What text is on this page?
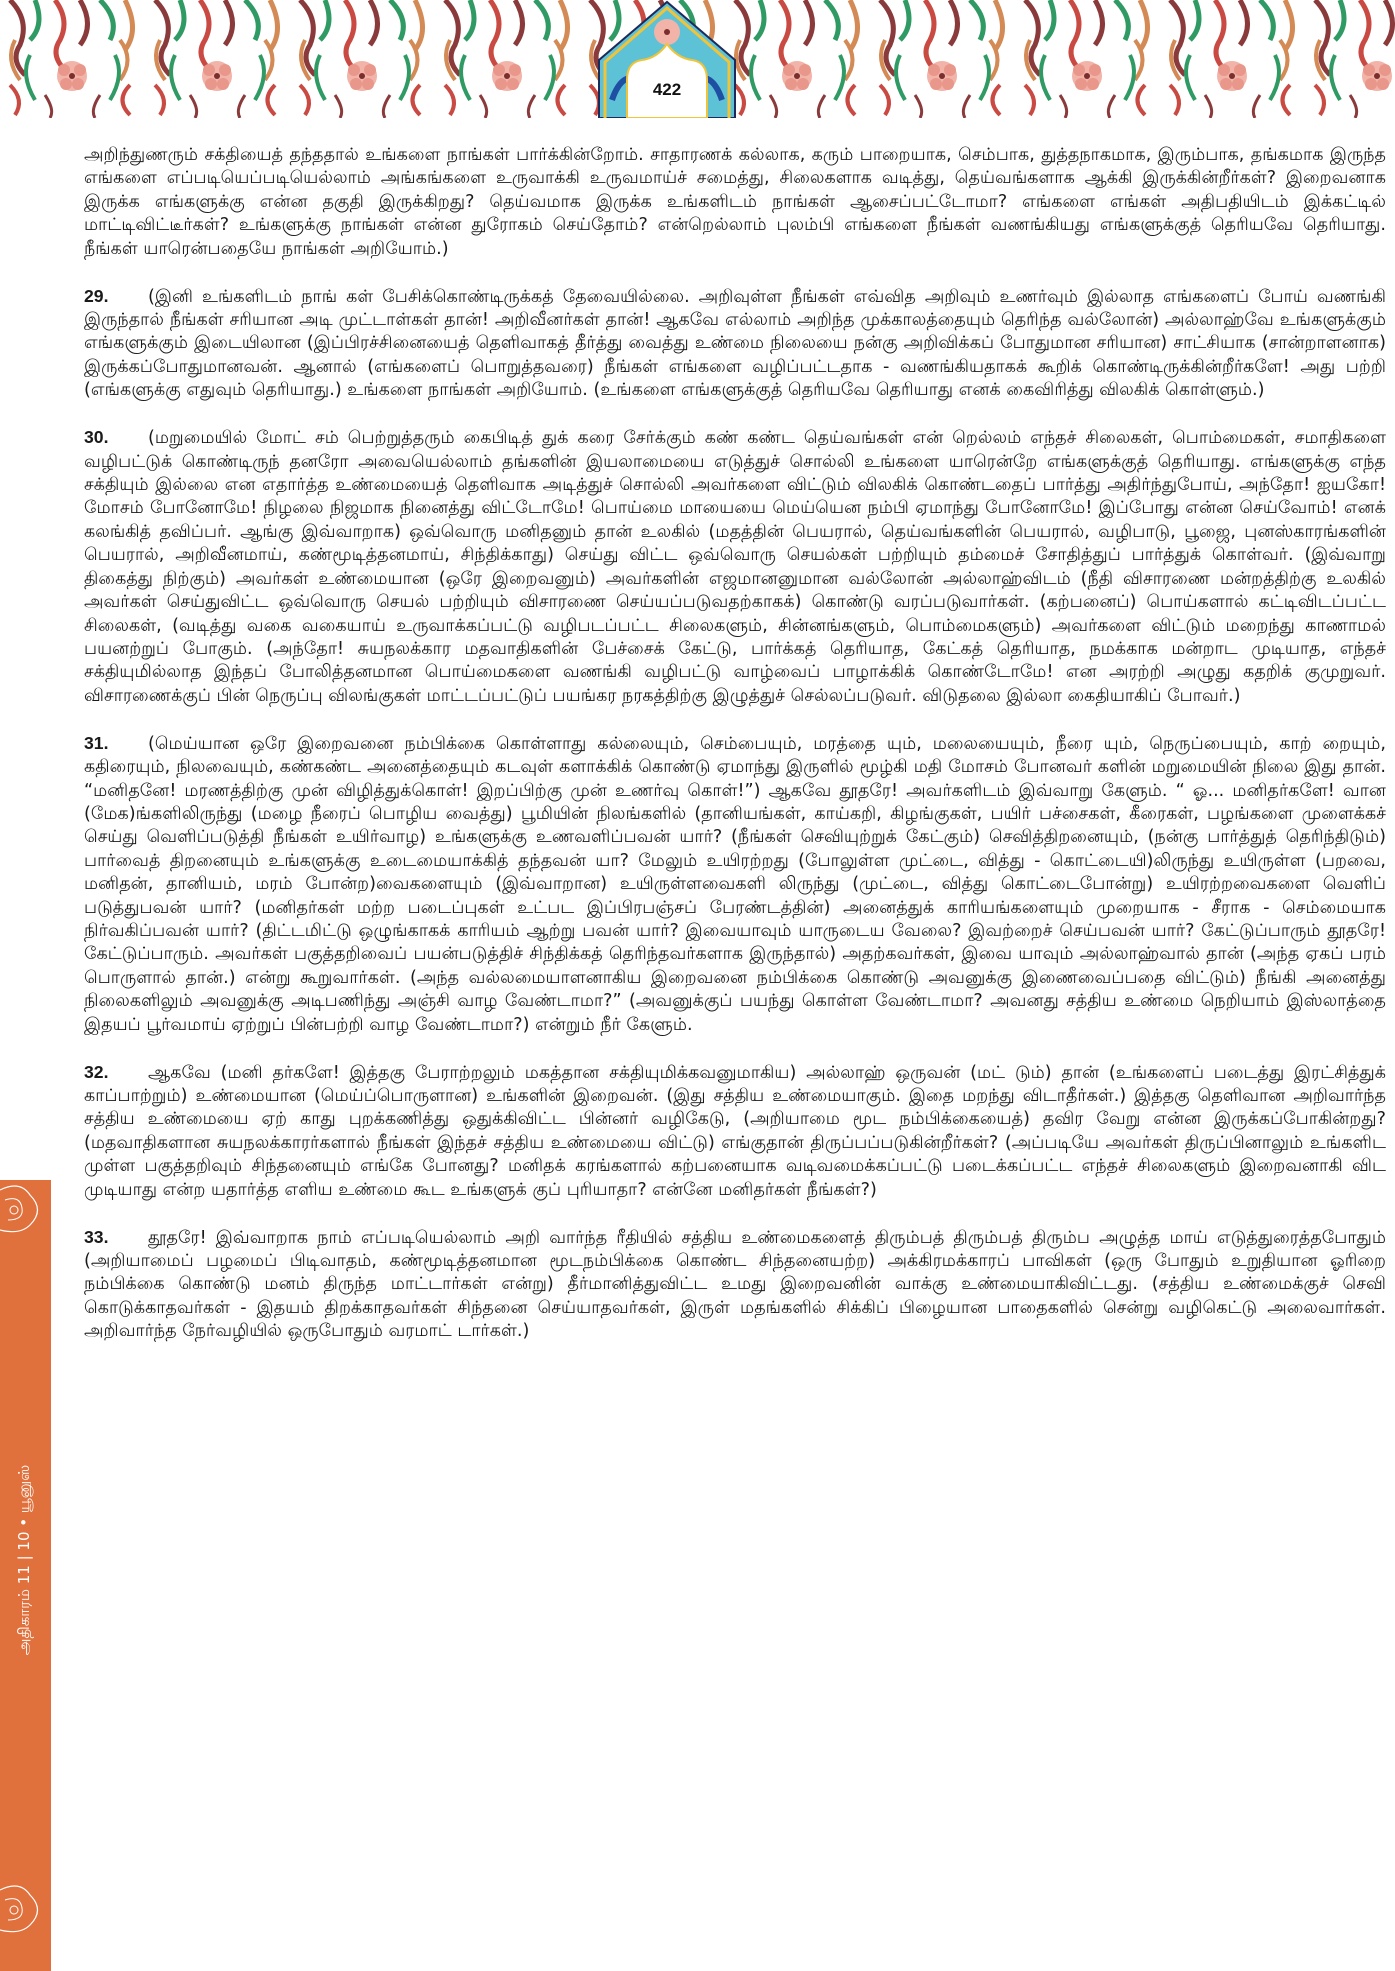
422
அதிகாரம் 11 | 10 • யூனுஸ்

அறிந்துணரும் சக்தியைத் தந்ததால் உங்களை நாங்கள் பார்க்கின்றோம். சாதாரணக் கல்லாக, கரும் பாறையாக, செம்பாக, துத்தநாகமாக, இரும்பாக, தங்கமாக இருந்த எங்களை எப்படியெப்படியெல்லாம் அங்கங்களை உருவாக்கி உருவமாய்ச் சமைத்து, சிலைகளாக வடித்து, தெய்வங்களாக ஆக்கி இருக்கின்றீர்கள்? இறைவனாக இருக்க எங்களுக்கு என்ன தகுதி இருக்கிறது? தெய்வமாக இருக்க உங்களிடம் நாங்கள் ஆசைப்பட்டோமா? எங்களை எங்கள் அதிபதியிடம் இக்கட்டில் மாட்டிவிட்டீர்கள்? உங்களுக்கு நாங்கள் என்ன துரோகம் செய்தோம்? என்றெல்லாம் புலம்பி எங்களை நீங்கள் வணங்கியது எங்களுக்குத் தெரியவே தெரியாது. நீங்கள் யாரென்பதையே நாங்கள் அறியோம்.)

29. (இனி உங்களிடம் நாங் கள் பேசிக்கொண்டிருக்கத் தேவையில்லை. அறிவுள்ள நீங்கள் எவ்வித அறிவும் உணர்வும் இல்லாத எங்களைப் போய் வணங்கி இருந்தால் நீங்கள் சரியான அடி முட்டாள்கள் தான்! அறிவீனர்கள் தான்! ஆகவே எல்லாம் அறிந்த முக்காலத்தையும் தெரிந்த வல்லோன்) அல்லாஹ்வே உங்களுக்கும் எங்களுக்கும் இடையிலான (இப்பிரச்சினையைத் தெளிவாகத் தீர்த்து வைத்து உண்மை நிலையை நன்கு அறிவிக்கப் போதுமான சரியான) சாட்சியாக (சான்றாளனாக) இருக்கப்போதுமானவன். ஆனால் (எங்களைப் பொறுத்தவரை) நீங்கள் எங்களை வழிப்பட்டதாக - வணங்கியதாகக் கூறிக் கொண்டிருக்கின்றீர்களே! அது பற்றி (எங்களுக்கு எதுவும் தெரியாது.) உங்களை நாங்கள் அறியோம். (உங்களை எங்களுக்குத் தெரியவே தெரியாது எனக் கைவிரித்து விலகிக் கொள்ளும்.)

30. (மறுமையில் மோட் சம் பெற்றுத்தரும் கைபிடித் துக் கரை சேர்க்கும் கண் கண்ட தெய்வங்கள் என் றெல்லம் எந்தச் சிலைகள், பொம்மைகள், சமாதிகளை வழிபட்டுக் கொண்டிருந் தனரோ அவையெல்லாம் தங்களின் இயலாமையை எடுத்துச் சொல்லி உங்களை யாரென்றே எங்களுக்குத் தெரியாது. எங்களுக்கு எந்த சக்தியும் இல்லை என எதார்த்த உண்மையைத் தெளிவாக அடித்துச் சொல்லி அவர்களை விட்டும் விலகிக் கொண்டதைப் பார்த்து அதிர்ந்துபோய், அந்தோ! ஐயகோ! மோசம் போனோமே! நிழலை நிஜமாக நினைத்து விட்டோமே! பொய்மை மாயையை மெய்யென நம்பி ஏமாந்து போனோமே! இப்போது என்ன செய்வோம்! எனக் கலங்கித் தவிப்பர். ஆங்கு இவ்வாறாக) ஒவ்வொரு மனிதனும் தான் உலகில் (மதத்தின் பெயரால், தெய்வங்களின் பெயரால், வழிபாடு, பூஜை, புனஸ்காரங்களின் பெயரால், அறிவீனமாய், கண்மூடித்தனமாய், சிந்திக்காது) செய்து விட்ட ஒவ்வொரு செயல்கள் பற்றியும் தம்மைச் சோதித்துப் பார்த்துக் கொள்வர். (இவ்வாறு திகைத்து நிற்கும்) அவர்கள் உண்மையான (ஒரே இறைவனும்) அவர்களின் எஜமானனுமான வல்லோன் அல்லாஹ்விடம் (நீதி விசாரணை மன்றத்திற்கு உலகில் அவர்கள் செய்துவிட்ட ஒவ்வொரு செயல் பற்றியும் விசாரணை செய்யப்படுவதற்காகக்) கொண்டு வரப்படுவார்கள். (கற்பனைப்) பொய்களால் கட்டிவிடப்பட்ட சிலைகள், (வடித்து வகை வகையாய் உருவாக்கப்பட்டு வழிபடப்பட்ட சிலைகளும், சின்னங்களும், பொம்மைகளும்) அவர்களை விட்டும் மறைந்து காணாமல் பயனற்றுப் போகும். (அந்தோ! சுயநலக்கார மதவாதிகளின் பேச்சைக் கேட்டு, பார்க்கத் தெரியாத, கேட்கத் தெரியாத, நமக்காக மன்றாட முடியாத, எந்தச் சக்தியுமில்லாத இந்தப் போலித்தனமான பொய்மைகளை வணங்கி வழிபட்டு வாழ்வைப் பாழாக்கிக் கொண்டோமே! என அரற்றி அழுது கதறிக் குமுறுவர். விசாரணைக்குப் பின் நெருப்பு விலங்குகள் மாட்டப்பட்டுப் பயங்கர நரகத்திற்கு இழுத்துச் செல்லப்படுவர். விடுதலை இல்லா கைதியாகிப் போவர்.)

31. (மெய்யான ஒரே இறைவனை நம்பிக்கை கொள்ளாது கல்லையும், செம்பையும், மரத்தை யும், மலையையும், நீரை யும், நெருப்பையும், காற் றையும், கதிரையும், நிலவையும், கண்கண்ட அனைத்தையும் கடவுள் களாக்கிக் கொண்டு ஏமாந்து இருளில் மூழ்கி மதி மோசம் போனவர் களின் மறுமையின் நிலை இது தான். “மனிதனே! மரணத்திற்கு முன் விழித்துக்கொள்! இறப்பிற்கு முன் உணர்வு கொள்!”) ஆகவே தூதரே! அவர்களிடம் இவ்வாறு கேளும். “ ஓ... மனிதர்களே! வான (மேக)ங்களிலிருந்து (மழை நீரைப் பொழிய வைத்து) பூமியின் நிலங்களில் (தானியங்கள், காய்கறி, கிழங்குகள், பயிர் பச்சைகள், கீரைகள், பழங்களை முளைக்கச் செய்து வெளிப்படுத்தி நீங்கள் உயிர்வாழ) உங்களுக்கு உணவளிப்பவன் யார்? (நீங்கள் செவியுற்றுக் கேட்கும்) செவித்திறனையும், (நன்கு பார்த்துத் தெரிந்திடும்) பார்வைத் திறனையும் உங்களுக்கு உடைமையாக்கித் தந்தவன் யா? மேலும் உயிரற்றது (போலுள்ள முட்டை, வித்து - கொட்டையி)லிருந்து உயிருள்ள (பறவை, மனிதன், தானியம், மரம் போன்ற)வைகளையும் (இவ்வாறான) உயிருள்ளவைகளி லிருந்து (முட்டை, வித்து கொட்டைபோன்று) உயிரற்றவைகளை வெளிப் படுத்துபவன் யார்? (மனிதர்கள் மற்ற படைப்புகள் உட்பட இப்பிரபஞ்சப் பேரண்டத்தின்) அனைத்துக் காரியங்களையும் முறையாக - சீராக - செம்மையாக நிர்வகிப்பவன் யார்? (திட்டமிட்டு ஒழுங்காகக் காரியம் ஆற்று பவன் யார்? இவையாவும் யாருடைய வேலை? இவற்றைச் செய்பவன் யார்? கேட்டுப்பாரும் தூதரே! கேட்டுப்பாரும். அவர்கள் பகுத்தறிவைப் பயன்படுத்திச் சிந்திக்கத் தெரிந்தவர்களாக இருந்தால்) அதற்கவர்கள், இவை யாவும் அல்லாஹ்வால் தான் (அந்த ஏகப் பரம் பொருளால் தான்.) என்று கூறுவார்கள். (அந்த வல்லமையாளனாகிய இறைவனை நம்பிக்கை கொண்டு அவனுக்கு இணைவைப்பதை விட்டும்) நீங்கி அனைத்து நிலைகளிலும் அவனுக்கு அடிபணிந்து அஞ்சி வாழ வேண்டாமா?” (அவனுக்குப் பயந்து கொள்ள வேண்டாமா? அவனது சத்திய உண்மை நெறியாம் இஸ்லாத்தை இதயப் பூர்வமாய் ஏற்றுப் பின்பற்றி வாழ வேண்டாமா?) என்றும் நீர் கேளும்.

32. ஆகவே (மனி தர்களே! இத்தகு பேராற்றலும் மகத்தான சக்தியுமிக்கவனுமாகிய) அல்லாஹ் ஒருவன் (மட் டும்) தான் (உங்களைப் படைத்து இரட்சித்துக் காப்பாற்றும்) உண்மையான (மெய்ப்பொருளான) உங்களின் இறைவன். (இது சத்திய உண்மையாகும். இதை மறந்து விடாதீர்கள்.) இத்தகு தெளிவான அறிவார்ந்த சத்திய உண்மையை ஏற் காது புறக்கணித்து ஒதுக்கிவிட்ட பின்னர் வழிகேடு, (அறியாமை மூட நம்பிக்கையைத்) தவிர வேறு என்ன இருக்கப்போகின்றது? (மதவாதிகளான சுயநலக்காரர்களால் நீங்கள் இந்தச் சத்திய உண்மையை விட்டு) எங்குதான் திருப்பப்படுகின்றீர்கள்? (அப்படியே அவர்கள் திருப்பினாலும் உங்களிட முள்ள பகுத்தறிவும் சிந்தனையும் எங்கே போனது? மனிதக் கரங்களால் கற்பனையாக வடிவமைக்கப்பட்டு படைக்கப்பட்ட எந்தச் சிலைகளும் இறைவனாகி விட முடியாது என்ற யதார்த்த எளிய உண்மை கூட உங்களுக் குப் புரியாதா? என்னே மனிதர்கள் நீங்கள்?)

33. தூதரே! இவ்வாறாக நாம் எப்படியெல்லாம் அறி வார்ந்த ரீதியில் சத்திய உண்மைகளைத் திரும்பத் திரும்பத் திரும்ப அழுத்த மாய் எடுத்துரைத்தபோதும் (அறியாமைப் பழமைப் பிடிவாதம், கண்மூடித்தனமான மூடநம்பிக்கை கொண்ட சிந்தனையற்ற) அக்கிரமக்காரப் பாவிகள் (ஒரு போதும் உறுதியான ஓரிறை நம்பிக்கை கொண்டு மனம் திருந்த மாட்டார்கள் என்று) தீர்மானித்துவிட்ட உமது இறைவனின் வாக்கு உண்மையாகிவிட்டது. (சத்திய உண்மைக்குச் செவி கொடுக்காதவர்கள் - இதயம் திறக்காதவர்கள் சிந்தனை செய்யாதவர்கள், இருள் மதங்களில் சிக்கிப் பிழையான பாதைகளில் சென்று வழிகெட்டு அலைவார்கள். அறிவார்ந்த நேர்வழியில் ஒருபோதும் வரமாட் டார்கள்.)
